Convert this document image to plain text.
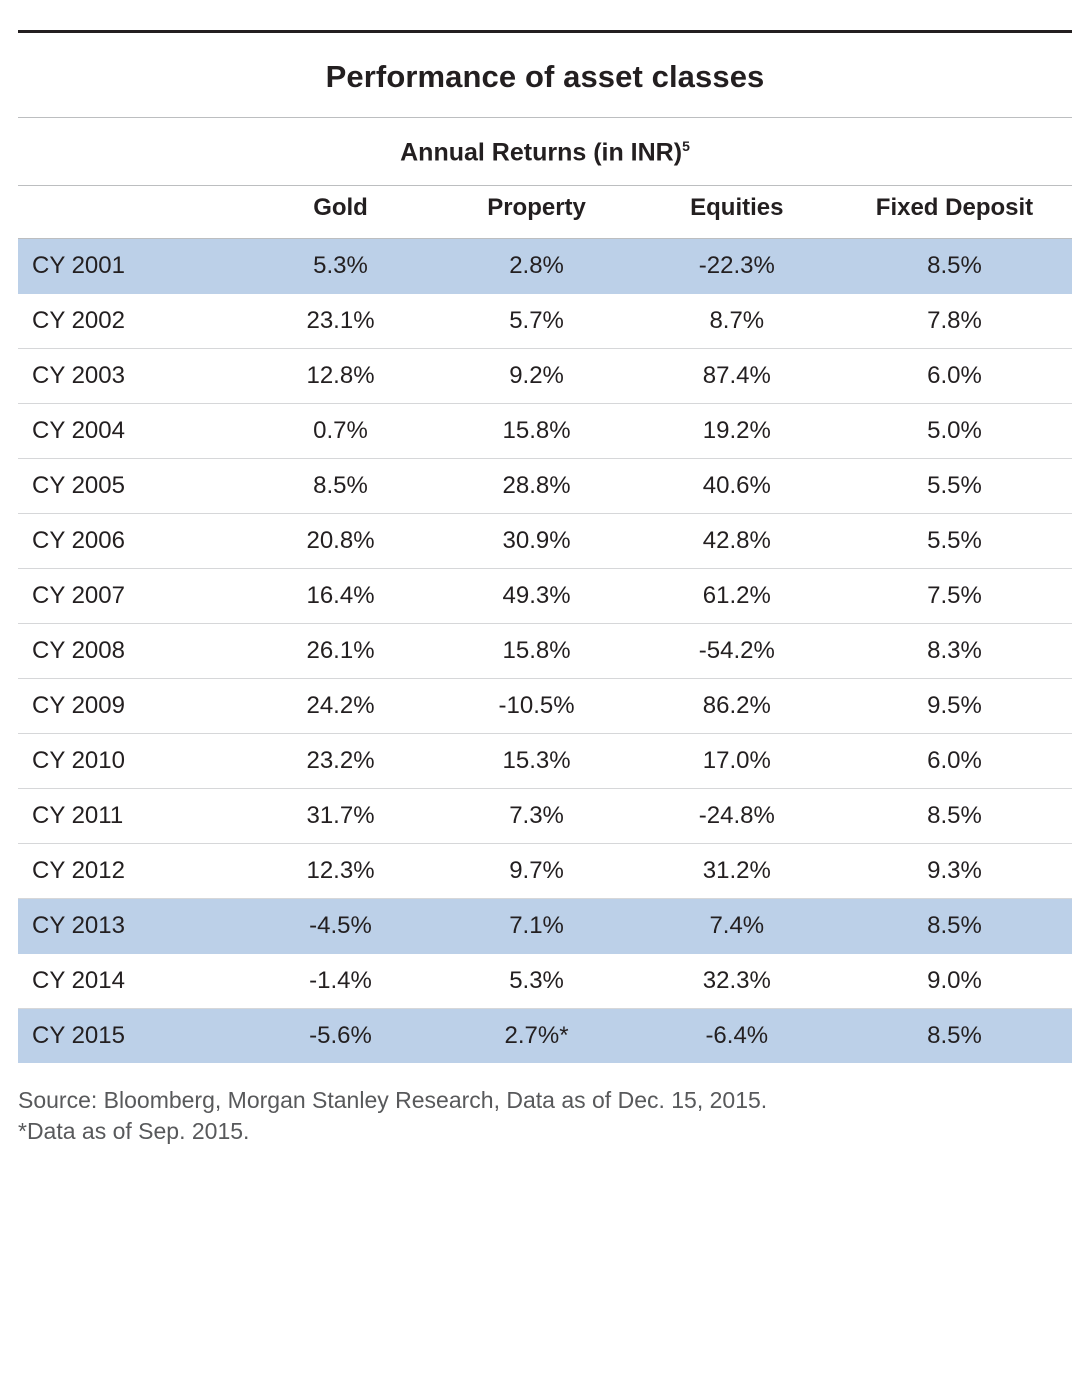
Performance of asset classes
Annual Returns (in INR)$^5$
	Gold	Property	Equities	Fixed Deposit
CY 2001	5.3%	2.8%	-22.3%	8.5%
CY 2002	23.1%	5.7%	8.7%	7.8%
CY 2003	12.8%	9.2%	87.4%	6.0%
CY 2004	0.7%	15.8%	19.2%	5.0%
CY 2005	8.5%	28.8%	40.6%	5.5%
CY 2006	20.8%	30.9%	42.8%	5.5%
CY 2007	16.4%	49.3%	61.2%	7.5%
CY 2008	26.1%	15.8%	-54.2%	8.3%
CY 2009	24.2%	-10.5%	86.2%	9.5%
CY 2010	23.2%	15.3%	17.0%	6.0%
CY 2011	31.7%	7.3%	-24.8%	8.5%
CY 2012	12.3%	9.7%	31.2%	9.3%
CY 2013	-4.5%	7.1%	7.4%	8.5%
CY 2014	-1.4%	5.3%	32.3%	9.0%
CY 2015	-5.6%	2.7%*	-6.4%	8.5%
Source: Bloomberg, Morgan Stanley Research, Data as of Dec. 15, 2015.
*Data as of Sep. 2015.
